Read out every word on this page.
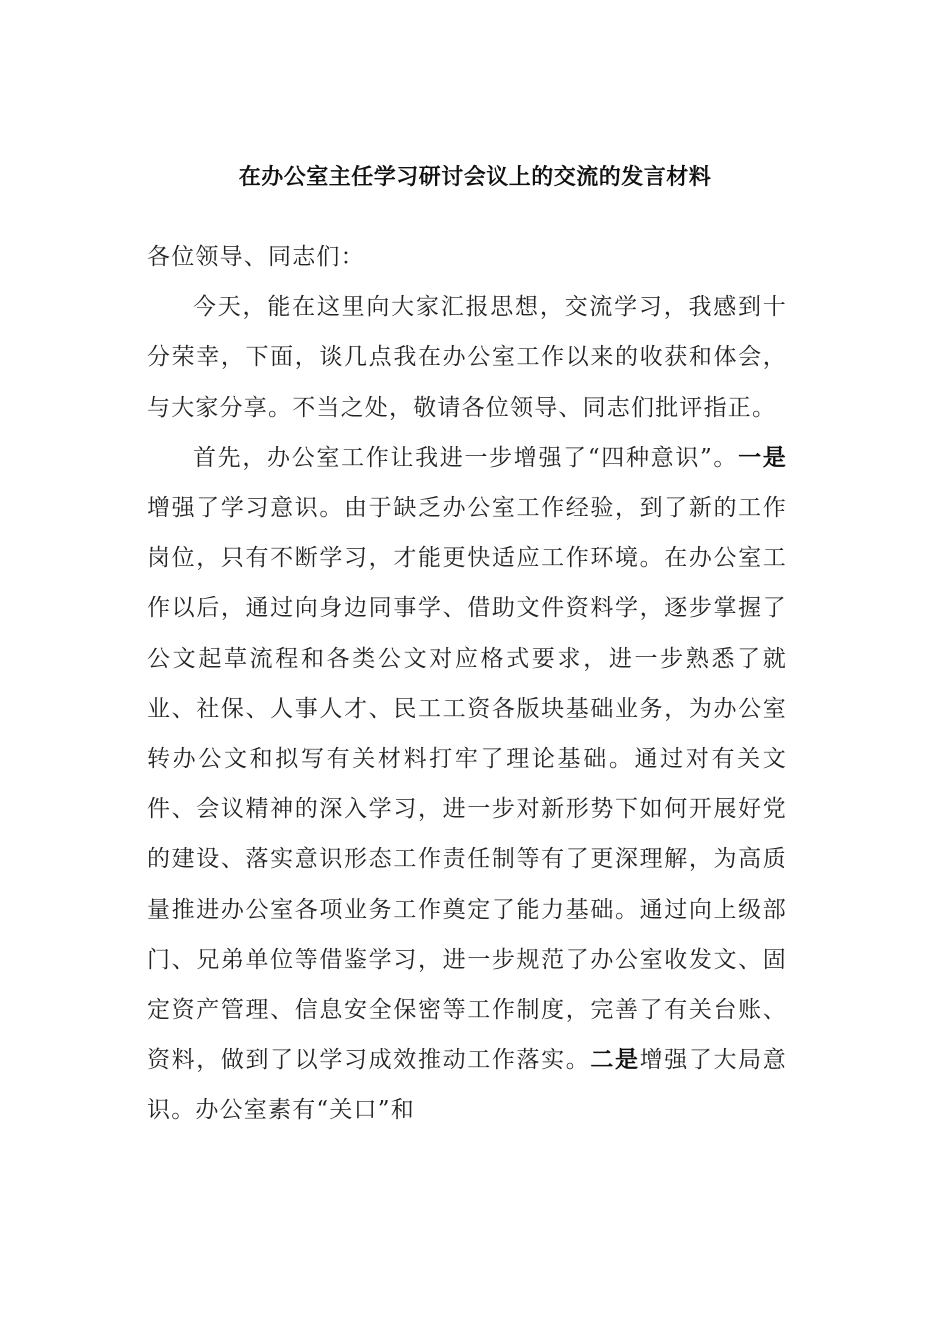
在办公室主任学习研讨会议上的交流的发言材料

各位领导、同志们：

今天，能在这里向大家汇报思想，交流学习，我感到十分荣幸，下面，谈几点我在办公室工作以来的收获和体会，与大家分享。不当之处，敬请各位领导、同志们批评指正。

首先，办公室工作让我进一步增强了“四种意识”。一是增强了学习意识。由于缺乏办公室工作经验，到了新的工作岗位，只有不断学习，才能更快适应工作环境。在办公室工作以后，通过向身边同事学、借助文件资料学，逐步掌握了公文起草流程和各类公文对应格式要求，进一步熟悉了就业、社保、人事人才、民工工资各版块基础业务，为办公室转办公文和拟写有关材料打牢了理论基础。通过对有关文件、会议精神的深入学习，进一步对新形势下如何开展好党的建设、落实意识形态工作责任制等有了更深理解，为高质量推进办公室各项业务工作奠定了能力基础。通过向上级部门、兄弟单位等借鉴学习，进一步规范了办公室收发文、固定资产管理、信息安全保密等工作制度，完善了有关台账、资料，做到了以学习成效推动工作落实。二是增强了大局意识。办公室素有“关口”和
